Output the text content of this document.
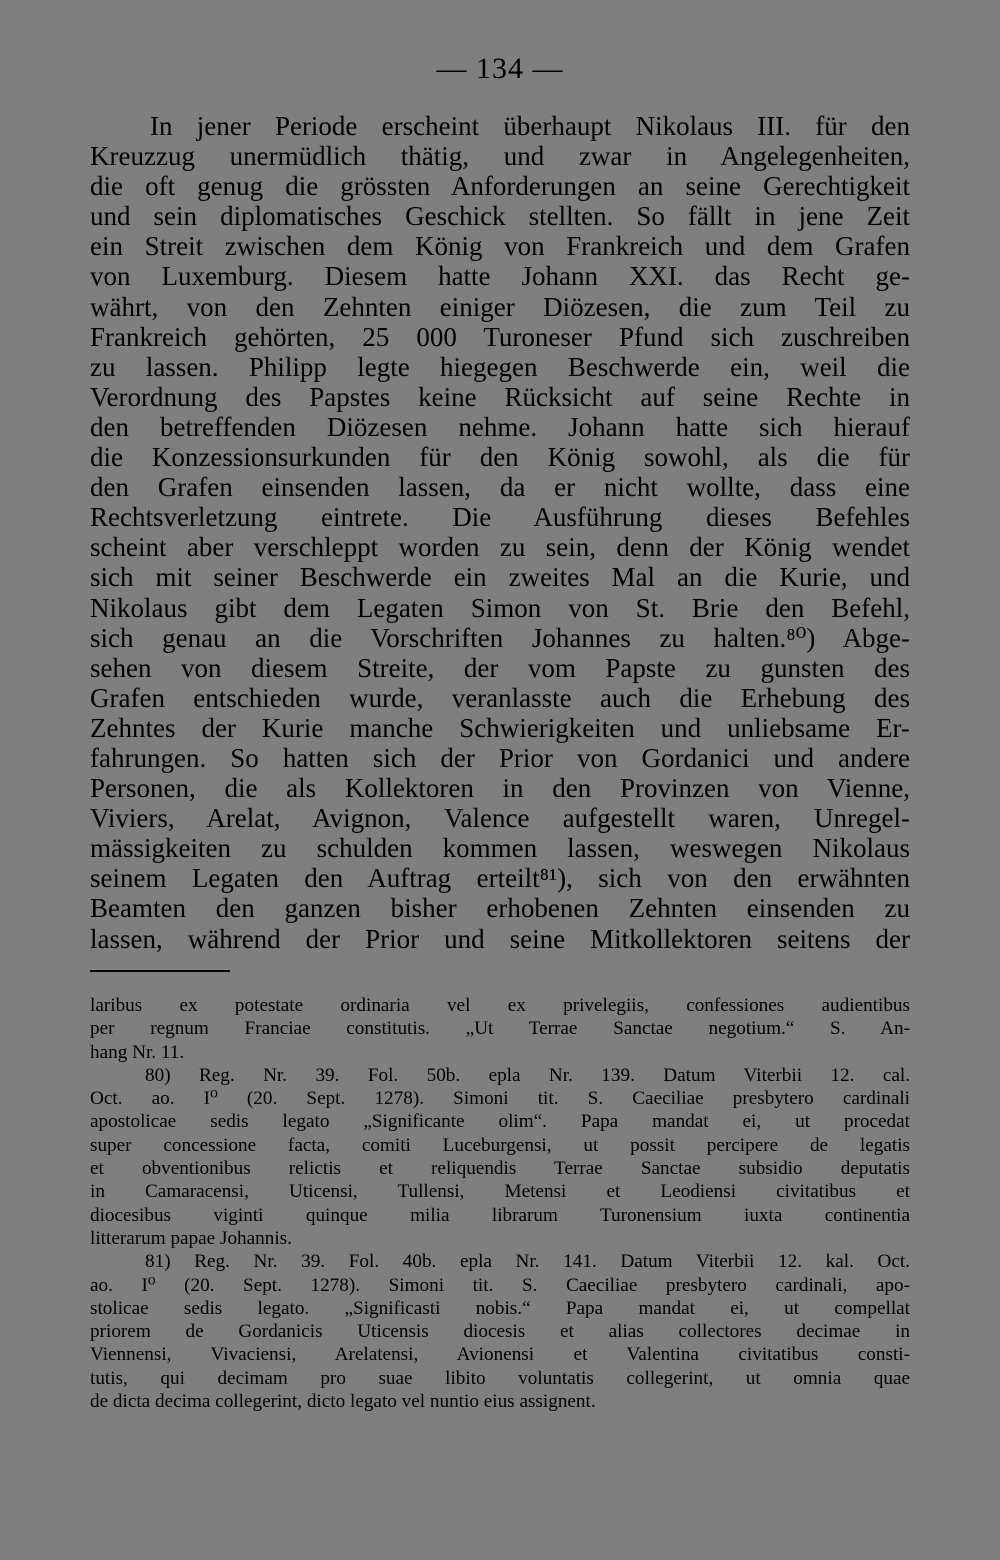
— 134 —
In jener Periode erscheint überhaupt Nikolaus III. für den
Kreuzzug unermüdlich thätig, und zwar in Angelegenheiten,
die oft genug die grössten Anforderungen an seine Gerechtigkeit
und sein diplomatisches Geschick stellten. So fällt in jene Zeit
ein Streit zwischen dem König von Frankreich und dem Grafen
von Luxemburg. Diesem hatte Johann XXI. das Recht ge-
währt, von den Zehnten einiger Diözesen, die zum Teil zu
Frankreich gehörten, 25 000 Turoneser Pfund sich zuschreiben
zu lassen. Philipp legte hiegegen Beschwerde ein, weil die
Verordnung des Papstes keine Rücksicht auf seine Rechte in
den betreffenden Diözesen nehme. Johann hatte sich hierauf
die Konzessionsurkunden für den König sowohl, als die für
den Grafen einsenden lassen, da er nicht wollte, dass eine
Rechtsverletzung eintrete. Die Ausführung dieses Befehles
scheint aber verschleppt worden zu sein, denn der König wendet
sich mit seiner Beschwerde ein zweites Mal an die Kurie, und
Nikolaus gibt dem Legaten Simon von St. Brie den Befehl,
sich genau an die Vorschriften Johannes zu halten.⁸⁰) Abge-
sehen von diesem Streite, der vom Papste zu gunsten des
Grafen entschieden wurde, veranlasste auch die Erhebung des
Zehntes der Kurie manche Schwierigkeiten und unliebsame Er-
fahrungen. So hatten sich der Prior von Gordanici und andere
Personen, die als Kollektoren in den Provinzen von Vienne,
Viviers, Arelat, Avignon, Valence aufgestellt waren, Unregel-
mässigkeiten zu schulden kommen lassen, weswegen Nikolaus
seinem Legaten den Auftrag erteilt⁸¹), sich von den erwähnten
Beamten den ganzen bisher erhobenen Zehnten einsenden zu
lassen, während der Prior und seine Mitkollektoren seitens der
laribus ex potestate ordinaria vel ex privelegiis, confessiones audientibus
per regnum Franciae constitutis. „Ut Terrae Sanctae negotium.“ S. An-
hang Nr. 11.
80) Reg. Nr. 39. Fol. 50b. epla Nr. 139. Datum Viterbii 12. cal.
Oct. ao. I⁰ (20. Sept. 1278). Simoni tit. S. Caeciliae presbytero cardinali
apostolicae sedis legato „Significante olim“. Papa mandat ei, ut procedat
super concessione facta, comiti Luceburgensi, ut possit percipere de legatis
et obventionibus relictis et reliquendis Terrae Sanctae subsidio deputatis
in Camaracensi, Uticensi, Tullensi, Metensi et Leodiensi civitatibus et
diocesibus viginti quinque milia librarum Turonensium iuxta continentia
litterarum papae Johannis.
81) Reg. Nr. 39. Fol. 40b. epla Nr. 141. Datum Viterbii 12. kal. Oct.
ao. I⁰ (20. Sept. 1278). Simoni tit. S. Caeciliae presbytero cardinali, apo-
stolicae sedis legato. „Significasti nobis.“ Papa mandat ei, ut compellat
priorem de Gordanicis Uticensis diocesis et alias collectores decimae in
Viennensi, Vivaciensi, Arelatensi, Avionensi et Valentina civitatibus consti-
tutis, qui decimam pro suae libito voluntatis collegerint, ut omnia quae
de dicta decima collegerint, dicto legato vel nuntio eius assignent.
